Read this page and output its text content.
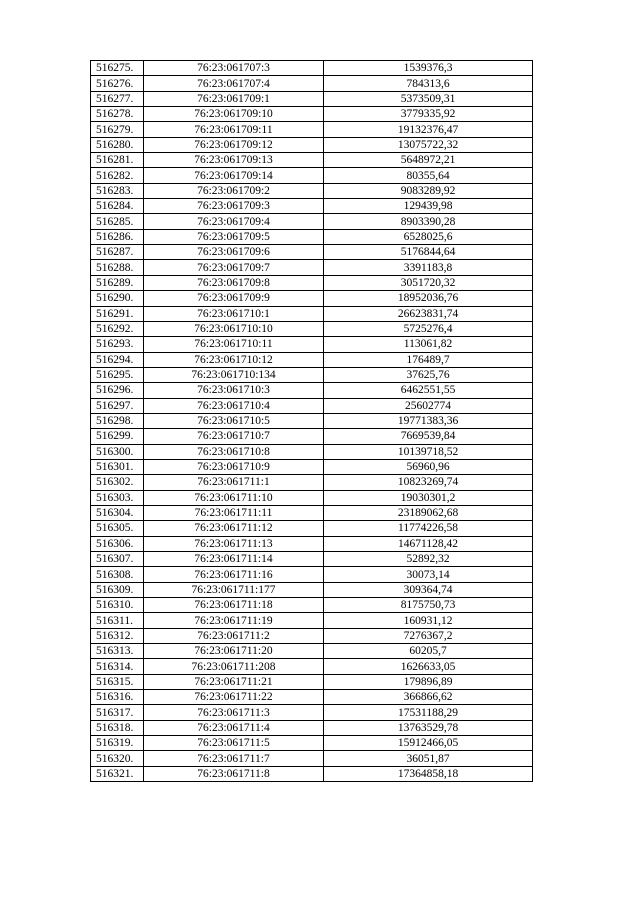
516275.	76:23:061707:3	1539376,3
516276.	76:23:061707:4	784313,6
516277.	76:23:061709:1	5373509,31
516278.	76:23:061709:10	3779335,92
516279.	76:23:061709:11	19132376,47
516280.	76:23:061709:12	13075722,32
516281.	76:23:061709:13	5648972,21
516282.	76:23:061709:14	80355,64
516283.	76:23:061709:2	9083289,92
516284.	76:23:061709:3	129439,98
516285.	76:23:061709:4	8903390,28
516286.	76:23:061709:5	6528025,6
516287.	76:23:061709:6	5176844,64
516288.	76:23:061709:7	3391183,8
516289.	76:23:061709:8	3051720,32
516290.	76:23:061709:9	18952036,76
516291.	76:23:061710:1	26623831,74
516292.	76:23:061710:10	5725276,4
516293.	76:23:061710:11	113061,82
516294.	76:23:061710:12	176489,7
516295.	76:23:061710:134	37625,76
516296.	76:23:061710:3	6462551,55
516297.	76:23:061710:4	25602774
516298.	76:23:061710:5	19771383,36
516299.	76:23:061710:7	7669539,84
516300.	76:23:061710:8	10139718,52
516301.	76:23:061710:9	56960,96
516302.	76:23:061711:1	10823269,74
516303.	76:23:061711:10	19030301,2
516304.	76:23:061711:11	23189062,68
516305.	76:23:061711:12	11774226,58
516306.	76:23:061711:13	14671128,42
516307.	76:23:061711:14	52892,32
516308.	76:23:061711:16	30073,14
516309.	76:23:061711:177	309364,74
516310.	76:23:061711:18	8175750,73
516311.	76:23:061711:19	160931,12
516312.	76:23:061711:2	7276367,2
516313.	76:23:061711:20	60205,7
516314.	76:23:061711:208	1626633,05
516315.	76:23:061711:21	179896,89
516316.	76:23:061711:22	366866,62
516317.	76:23:061711:3	17531188,29
516318.	76:23:061711:4	13763529,78
516319.	76:23:061711:5	15912466,05
516320.	76:23:061711:7	36051,87
516321.	76:23:061711:8	17364858,18
